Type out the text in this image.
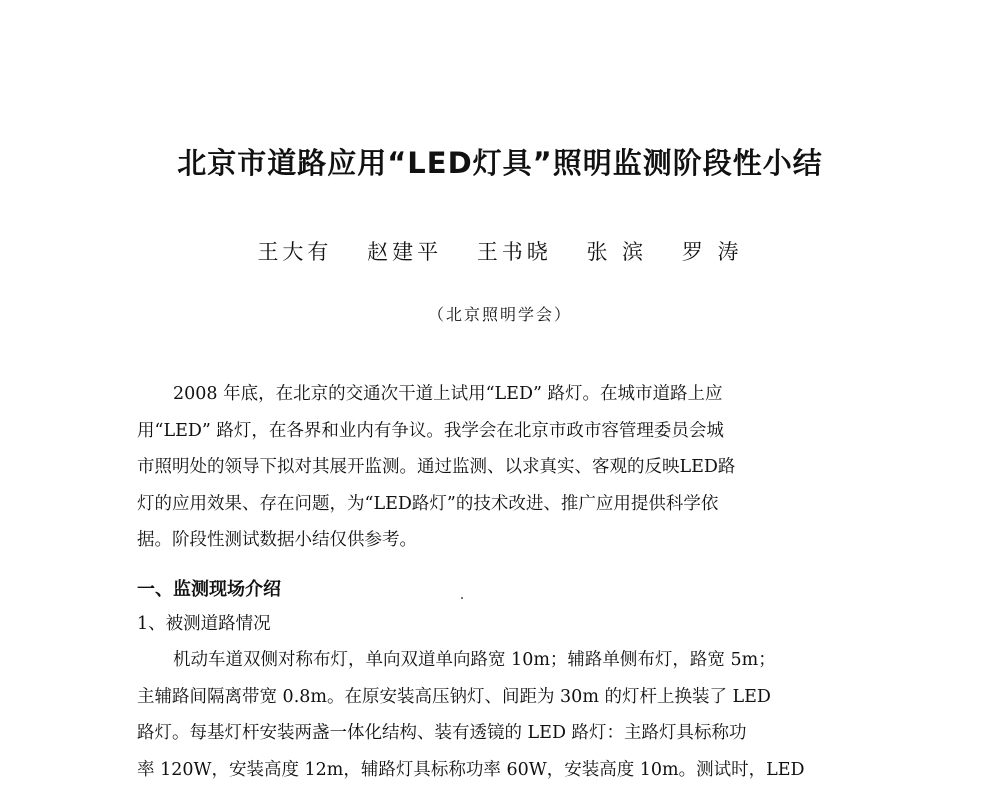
北京市道路应用“LED灯具”照明监测阶段性小结
王大有 赵建平 王书晓 张 滨 罗 涛
（北京照明学会）
2008 年底，在北京的交通次干道上试用“LED” 路灯。在城市道路上应
用“LED” 路灯，在各界和业内有争议。我学会在北京市政市容管理委员会城
市照明处的领导下拟对其展开监测。通过监测、以求真实、客观的反映LED路
灯的应用效果、存在问题，为“LED路灯”的技术改进、推广应用提供科学依
据。阶段性测试数据小结仅供参考。
一、监测现场介绍
1、被测道路情况
机动车道双侧对称布灯，单向双道单向路宽 10m；辅路单侧布灯，路宽 5m；
主辅路间隔离带宽 0.8m。在原安装高压钠灯、间距为 30m 的灯杆上换装了 LED
路灯。每基灯杆安装两盏一体化结构、装有透镜的 LED 路灯：主路灯具标称功
率 120W，安装高度 12m，辅路灯具标称功率 60W，安装高度 10m。测试时，LED
